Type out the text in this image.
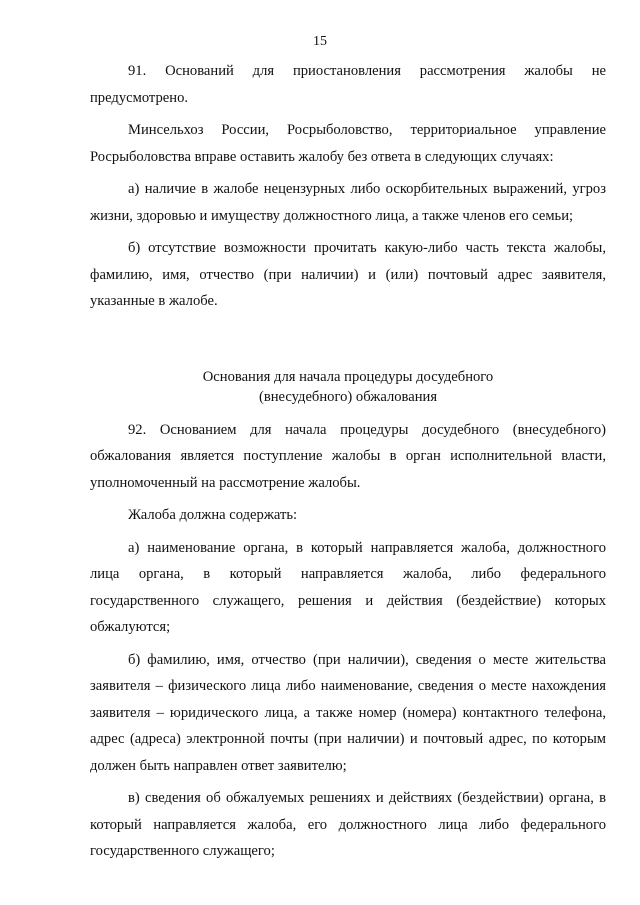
15

91. Оснований для приостановления рассмотрения жалобы не предусмотрено.

Минсельхоз России, Росрыболовство, территориальное управление Росрыболовства вправе оставить жалобу без ответа в следующих случаях:

а) наличие в жалобе нецензурных либо оскорбительных выражений, угроз жизни, здоровью и имуществу должностного лица, а также членов его семьи;

б) отсутствие возможности прочитать какую-либо часть текста жалобы, фамилию, имя, отчество (при наличии) и (или) почтовый адрес заявителя, указанные в жалобе.

Основания для начала процедуры досудебного
(внесудебного) обжалования

92. Основанием для начала процедуры досудебного (внесудебного) обжалования является поступление жалобы в орган исполнительной власти, уполномоченный на рассмотрение жалобы.

Жалоба должна содержать:

а) наименование органа, в который направляется жалоба, должностного лица органа, в который направляется жалоба, либо федерального государственного служащего, решения и действия (бездействие) которых обжалуются;

б) фамилию, имя, отчество (при наличии), сведения о месте жительства заявителя – физического лица либо наименование, сведения о месте нахождения заявителя – юридического лица, а также номер (номера) контактного телефона, адрес (адреса) электронной почты (при наличии) и почтовый адрес, по которым должен быть направлен ответ заявителю;

в) сведения об обжалуемых решениях и действиях (бездействии) органа, в который направляется жалоба, его должностного лица либо федерального государственного служащего;
